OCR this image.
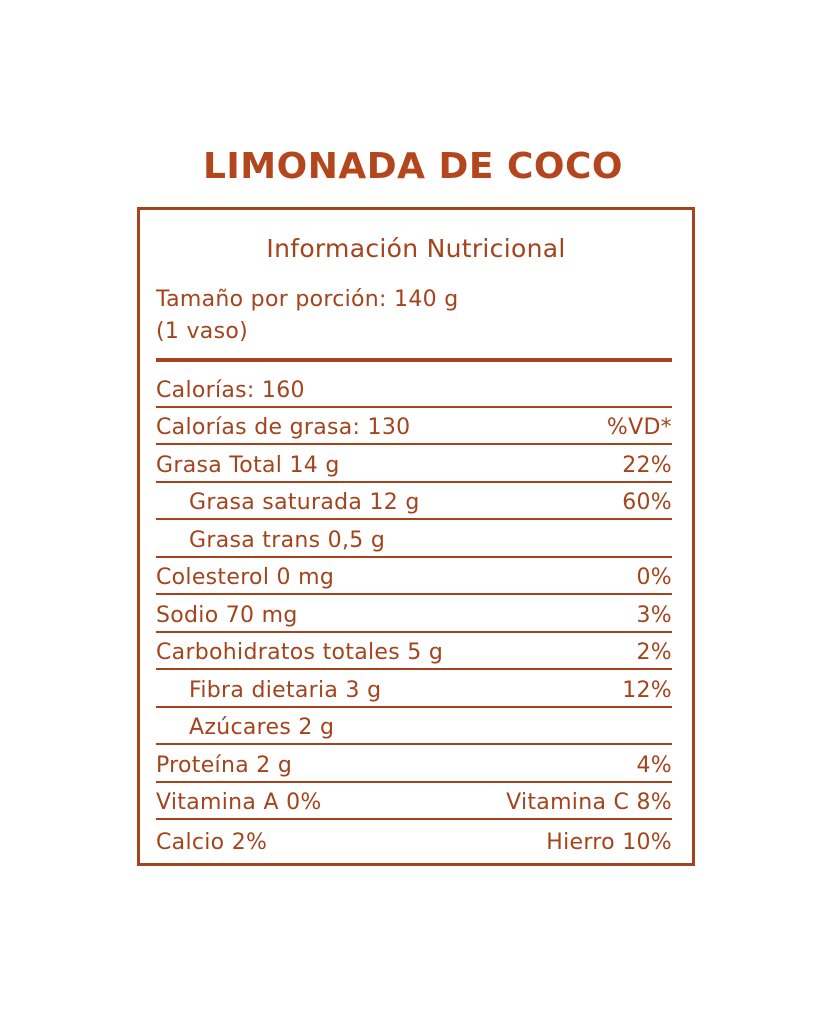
LIMONADA DE COCO
Información Nutricional
Tamaño por porción: 140 g
(1 vaso)
Calorías: 160
Calorías de grasa: 130	%VD*
Grasa Total 14 g	22%
Grasa saturada 12 g	60%
Grasa trans 0,5 g
Colesterol 0 mg	0%
Sodio 70 mg	3%
Carbohidratos totales 5 g	2%
Fibra dietaria 3 g	12%
Azúcares 2 g
Proteína 2 g	4%
Vitamina A 0%	Vitamina C 8%
Calcio 2%	Hierro 10%
